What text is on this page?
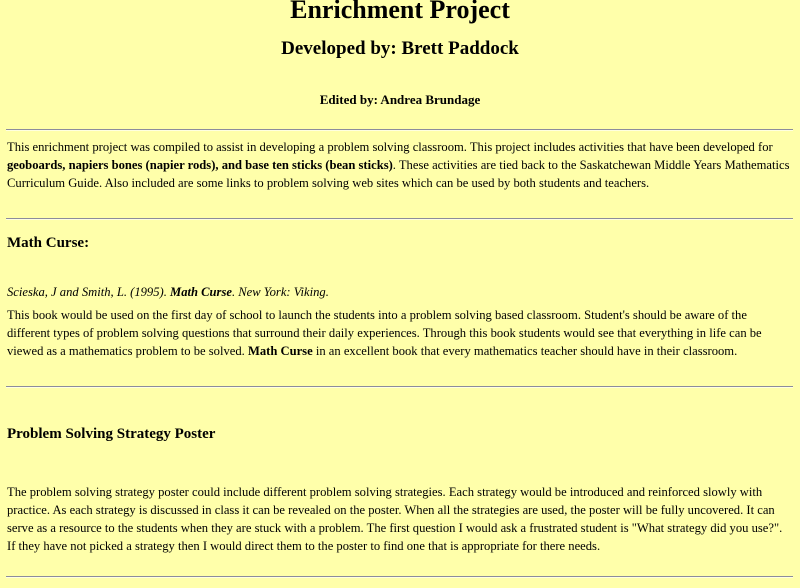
Enrichment Project
Developed by: Brett Paddock
Edited by: Andrea Brundage

This enrichment project was compiled to assist in developing a problem solving classroom. This project includes activities that have been developed for geoboards, napiers bones (napier rods), and base ten sticks (bean sticks). These activities are tied back to the Saskatchewan Middle Years Mathematics Curriculum Guide. Also included are some links to problem solving web sites which can be used by both students and teachers.

Math Curse:

Scieska, J and Smith, L. (1995). Math Curse. New York: Viking.

This book would be used on the first day of school to launch the students into a problem solving based classroom. Student's should be aware of the different types of problem solving questions that surround their daily experiences. Through this book students would see that everything in life can be viewed as a mathematics problem to be solved. Math Curse in an excellent book that every mathematics teacher should have in their classroom.

Problem Solving Strategy Poster

The problem solving strategy poster could include different problem solving strategies. Each strategy would be introduced and reinforced slowly with practice. As each strategy is discussed in class it can be revealed on the poster. When all the strategies are used, the poster will be fully uncovered. It can serve as a resource to the students when they are stuck with a problem. The first question I would ask a frustrated student is "What strategy did you use?". If they have not picked a strategy then I would direct them to the poster to find one that is appropriate for there needs.
